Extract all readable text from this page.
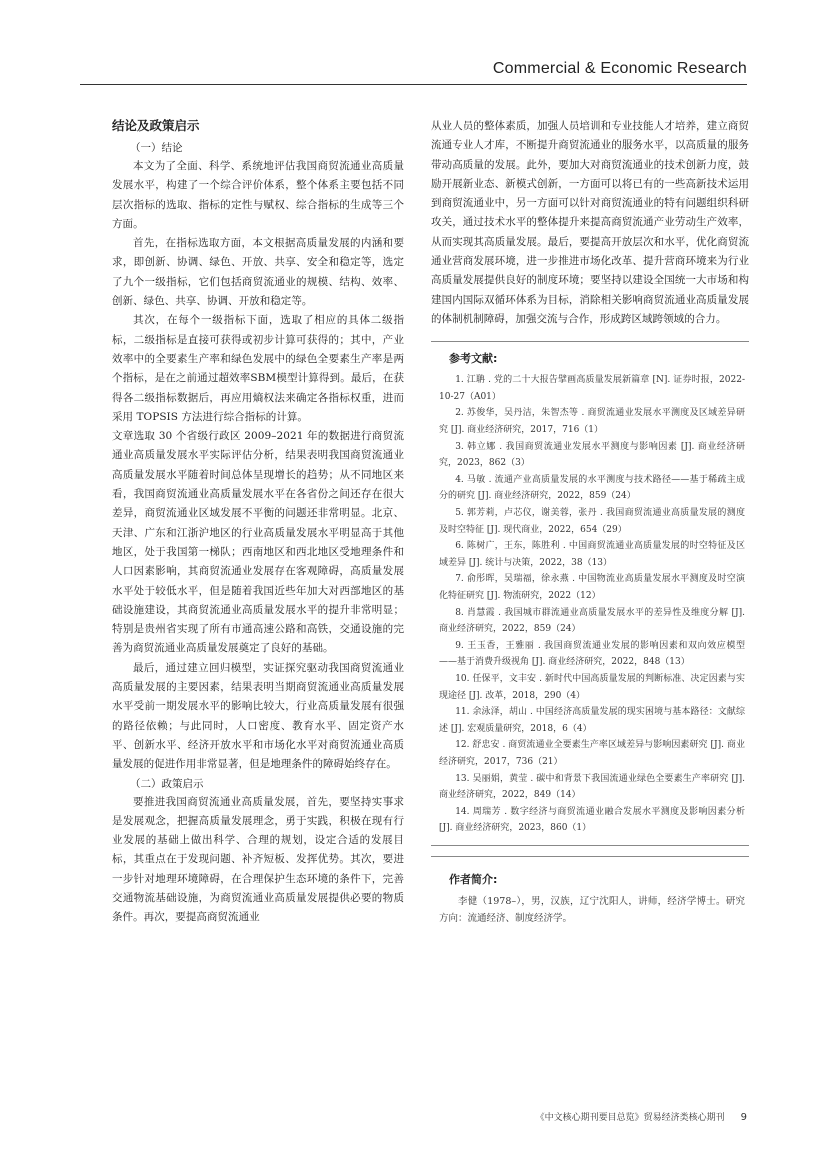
Commercial & Economic Research
结论及政策启示
（一）结论

本文为了全面、科学、系统地评估我国商贸流通业高质量发展水平，构建了一个综合评价体系，整个体系主要包括不同层次指标的选取、指标的定性与赋权、综合指标的生成等三个方面。

首先，在指标选取方面，本文根据高质量发展的内涵和要求，即创新、协调、绿色、开放、共享、安全和稳定等，选定了九个一级指标，它们包括商贸流通业的规模、结构、效率、创新、绿色、共享、协调、开放和稳定等。

其次，在每个一级指标下面，选取了相应的具体二级指标，二级指标是直接可获得或初步计算可获得的；其中，产业效率中的全要素生产率和绿色发展中的绿色全要素生产率是两个指标，是在之前通过超效率SBM模型计算得到。最后，在获得各二级指标数据后，再应用熵权法来确定各指标权重，进而采用 TOPSIS 方法进行综合指标的计算。

文章选取 30 个省级行政区 2009–2021 年的数据进行商贸流通业高质量发展水平实际评估分析，结果表明我国商贸流通业高质量发展水平随着时间总体呈现增长的趋势；从不同地区来看，我国商贸流通业高质量发展水平在各省份之间还存在很大差异，商贸流通业区域发展不平衡的问题还非常明显。北京、天津、广东和江浙沪地区的行业高质量发展水平明显高于其他地区，处于我国第一梯队；西南地区和西北地区受地理条件和人口因素影响，其商贸流通业发展存在客观障碍，高质量发展水平处于较低水平，但是随着我国近些年加大对西部地区的基础设施建设，其商贸流通业高质量发展水平的提升非常明显；特别是贵州省实现了所有市通高速公路和高铁，交通设施的完善为商贸流通业高质量发展奠定了良好的基础。

最后，通过建立回归模型，实证探究驱动我国商贸流通业高质量发展的主要因素，结果表明当期商贸流通业高质量发展水平受前一期发展水平的影响比较大，行业高质量发展有很强的路径依赖；与此同时，人口密度、教育水平、固定资产水平、创新水平、经济开放水平和市场化水平对商贸流通业高质量发展的促进作用非常显著，但是地理条件的障碍始终存在。

（二）政策启示

要推进我国商贸流通业高质量发展，首先，要坚持实事求是发展观念，把握高质量发展理念，勇于实践，积极在现有行业发展的基础上做出科学、合理的规划，设定合适的发展目标，其重点在于发现问题、补齐短板、发挥优势。其次，要进一步针对地理环境障碍，在合理保护生态环境的条件下，完善交通物流基础设施，为商贸流通业高质量发展提供必要的物质条件。再次，要提高商贸流通业

从业人员的整体素质，加强人员培训和专业技能人才培养，建立商贸流通专业人才库，不断提升商贸流通业的服务水平，以高质量的服务带动高质量的发展。此外，要加大对商贸流通业的技术创新力度，鼓励开展新业态、新模式创新，一方面可以将已有的一些高新技术运用到商贸流通业中，另一方面可以针对商贸流通业的特有问题组织科研攻关，通过技术水平的整体提升来提高商贸流通产业劳动生产效率，从而实现其高质量发展。最后，要提高开放层次和水平，优化商贸流通业营商发展环境，进一步推进市场化改革、提升营商环境来为行业高质量发展提供良好的制度环境；要坚持以建设全国统一大市场和构建国内国际双循环体系为目标，消除相关影响商贸流通业高质量发展的体制机制障碍，加强交流与合作，形成跨区域跨领域的合力。

参考文献:

1. 江聃 . 党的二十大报告擘画高质量发展新篇章 [N]. 证券时报，2022-10-27（A01）

2. 苏俊华，吴丹洁，朱智杰等 . 商贸流通业发展水平测度及区域差异研究 [J]. 商业经济研究，2017，716（1）

3. 韩立娜 . 我国商贸流通业发展水平测度与影响因素 [J]. 商业经济研究，2023，862（3）

4. 马敏 . 流通产业高质量发展的水平测度与技术路径——基于稀疏主成分的研究 [J]. 商业经济研究，2022，859（24）

5. 郭芳莉，卢芯仪，谢美蓉，张丹 . 我国商贸流通业高质量发展的测度及时空特征 [J]. 现代商业，2022，654（29）

6. 陈树广，王东，陈胜利 . 中国商贸流通业高质量发展的时空特征及区域差异 [J]. 统计与决策，2022，38（13）

7. 俞彤晖，吴瑞福，徐永燕 . 中国物流业高质量发展水平测度及时空演化特征研究 [J]. 物流研究，2022（12）

8. 肖慧霞 . 我国城市群流通业高质量发展水平的差异性及维度分解 [J]. 商业经济研究，2022，859（24）

9. 王玉香，王雅丽 . 我国商贸流通业发展的影响因素和双向效应模型——基于消费升级视角 [J]. 商业经济研究，2022，848（13）

10. 任保平，文丰安 . 新时代中国高质量发展的判断标准、决定因素与实现途径 [J]. 改革，2018，290（4）

11. 余泳泽，胡山 . 中国经济高质量发展的现实困境与基本路径：文献综述 [J]. 宏观质量研究，2018，6（4）

12. 舒忠安 . 商贸流通业全要素生产率区域差异与影响因素研究 [J]. 商业经济研究，2017，736（21）

13. 吴丽娟，黄莹 . 碳中和背景下我国流通业绿色全要素生产率研究 [J]. 商业经济研究，2022，849（14）

14. 周瑞芳 . 数字经济与商贸流通业融合发展水平测度及影响因素分析 [J]. 商业经济研究，2023，860（1）

作者简介:

李健（1978–），男，汉族，辽宁沈阳人，讲师，经济学博士。研究方向：流通经济、制度经济学。

《中文核心期刊要目总览》贸易经济类核心期刊 9
